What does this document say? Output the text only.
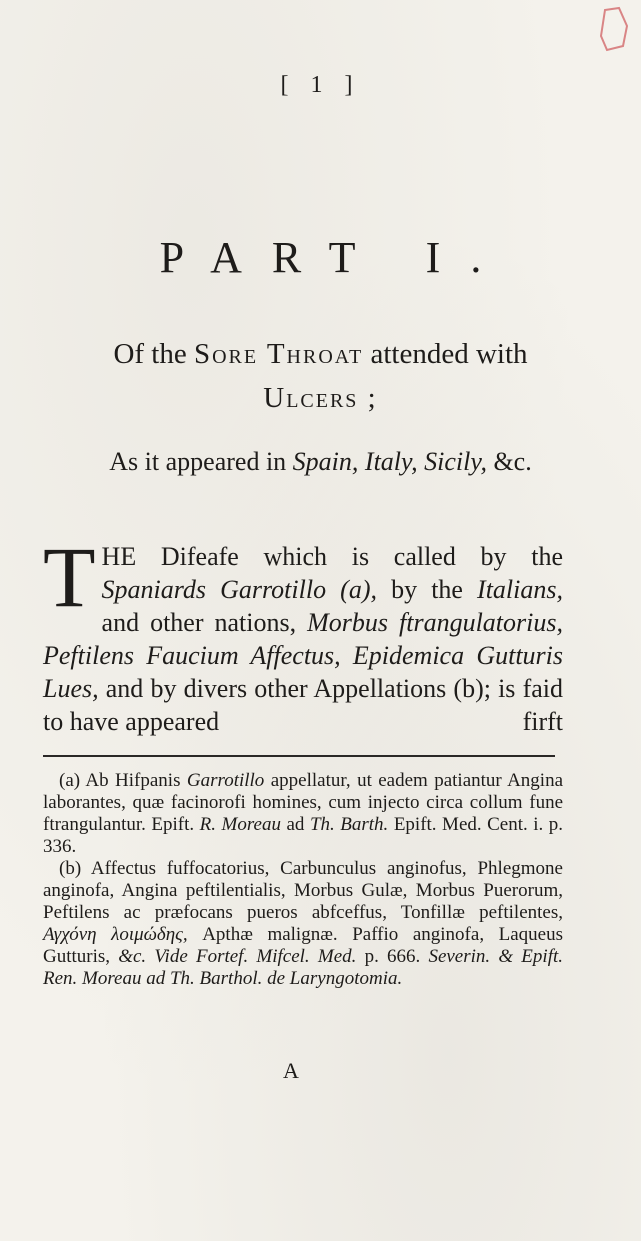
[ 1 ]
PART I.
Of the Sore Throat attended with
Ulcers ;
As it appeared in Spain, Italy, Sicily, &c.
T HE Difeafe which is called by the Spaniards Garrotillo (a), by the Italians, and other nations, Morbus ftrangulatorius, Peftilens Faucium Affectus, Epidemica Gutturis Lues, and by divers other Appellations (b); is faid to have appeared	firft

(a) Ab Hifpanis Garrotillo appellatur, ut eadem patiantur Angina laborantes, quæ facinorofi homines, cum injecto circa collum fune ftrangulantur. Epift. R. Moreau ad Th. Barth. Epift. Med. Cent. i. p. 336.

(b) Affectus fuffocatorius, Carbunculus anginofus, Phlegmone anginofa, Angina peftilentialis, Morbus Gulæ, Morbus Puerorum, Peftilens ac præfocans pueros abfceffus, Tonfillæ peftilentes, Αγχόνη λοιμώδης, Apthæ malignæ. Paffio anginofa, Laqueus Gutturis, &c. Vide Fortef. Mifcel. Med. p. 666. Severin. & Epift. Ren. Moreau ad Th. Barthol. de Laryngotomia.

A
